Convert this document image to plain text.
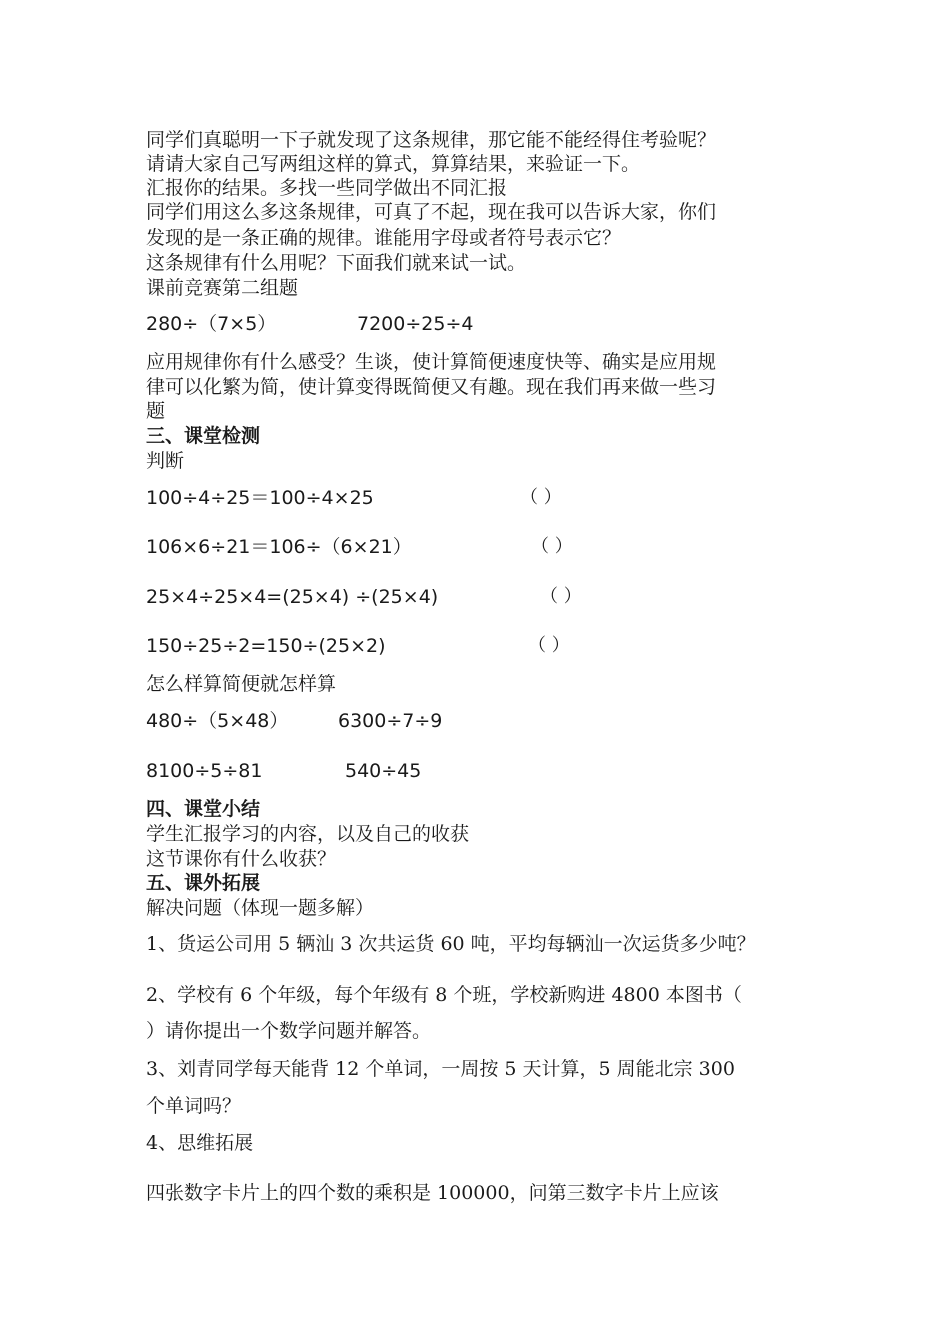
同学们真聪明一下子就发现了这条规律，那它能不能经得住考验呢？
请请大家自己写两组这样的算式，算算结果，来验证一下。
汇报你的结果。多找一些同学做出不同汇报
同学们用这么多这条规律，可真了不起，现在我可以告诉大家，你们
发现的是一条正确的规律。谁能用字母或者符号表示它？
这条规律有什么用呢？下面我们就来试一试。
课前竞赛第二组题
280÷（7×5）	7200÷25÷4
应用规律你有什么感受？生谈，使计算简便速度快等、确实是应用规
律可以化繁为简，使计算变得既简便又有趣。现在我们再来做一些习
题
三、课堂检测
判断
100÷4÷25＝100÷4×25	（ ）
106×6÷21＝106÷（6×21）	（ ）
25×4÷25×4=(25×4) ÷(25×4)	（ ）
150÷25÷2=150÷(25×2)	（ ）
怎么样算简便就怎样算
480÷（5×48）	6300÷7÷9
8100÷5÷81	540÷45
四、课堂小结
学生汇报学习的内容，以及自己的收获
这节课你有什么收获？
五、课外拓展
解决问题（体现一题多解）
1、货运公司用 5 辆汕 3 次共运货 60 吨，平均每辆汕一次运货多少吨？
2、学校有 6 个年级，每个年级有 8 个班，学校新购进 4800 本图书（
）请你提出一个数学问题并解答。
3、刘青同学每天能背 12 个单词，一周按 5 天计算，5 周能北宗 300
个单词吗？
4、思维拓展
四张数字卡片上的四个数的乘积是 100000，问第三数字卡片上应该
